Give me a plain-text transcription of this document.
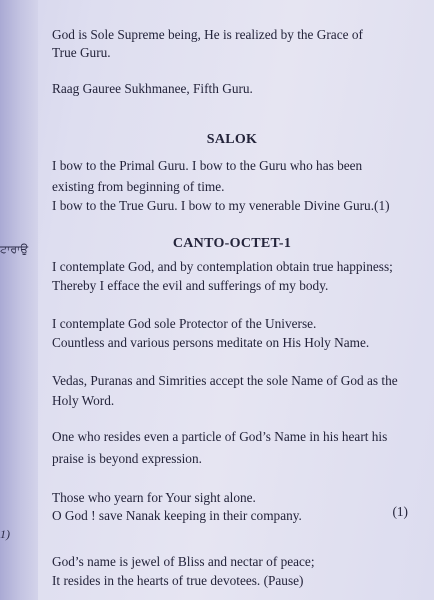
ਟਾਰਾਉ
1)
God is Sole Supreme being, He is realized by the Grace of
True Guru.
Raag Gauree Sukhmanee, Fifth Guru.
SALOK
I bow to the Primal Guru. I bow to the Guru who has been
existing from beginning of time.
I bow to the True Guru. I bow to my venerable Divine Guru.(1)
CANTO-OCTET-1
I contemplate God, and by contemplation obtain true happiness;
Thereby I efface the evil and sufferings of my body.
I contemplate God sole Protector of the Universe.
Countless and various persons meditate on His Holy Name.
Vedas, Puranas and Simrities accept the sole Name of God as the
Holy Word.
One who resides even a particle of God’s Name in his heart his
praise is beyond expression.
Those who yearn for Your sight alone.
O God ! save Nanak keeping in their company.	(1)
God’s name is jewel of Bliss and nectar of peace;
It resides in the hearts of true devotees. (Pause)
